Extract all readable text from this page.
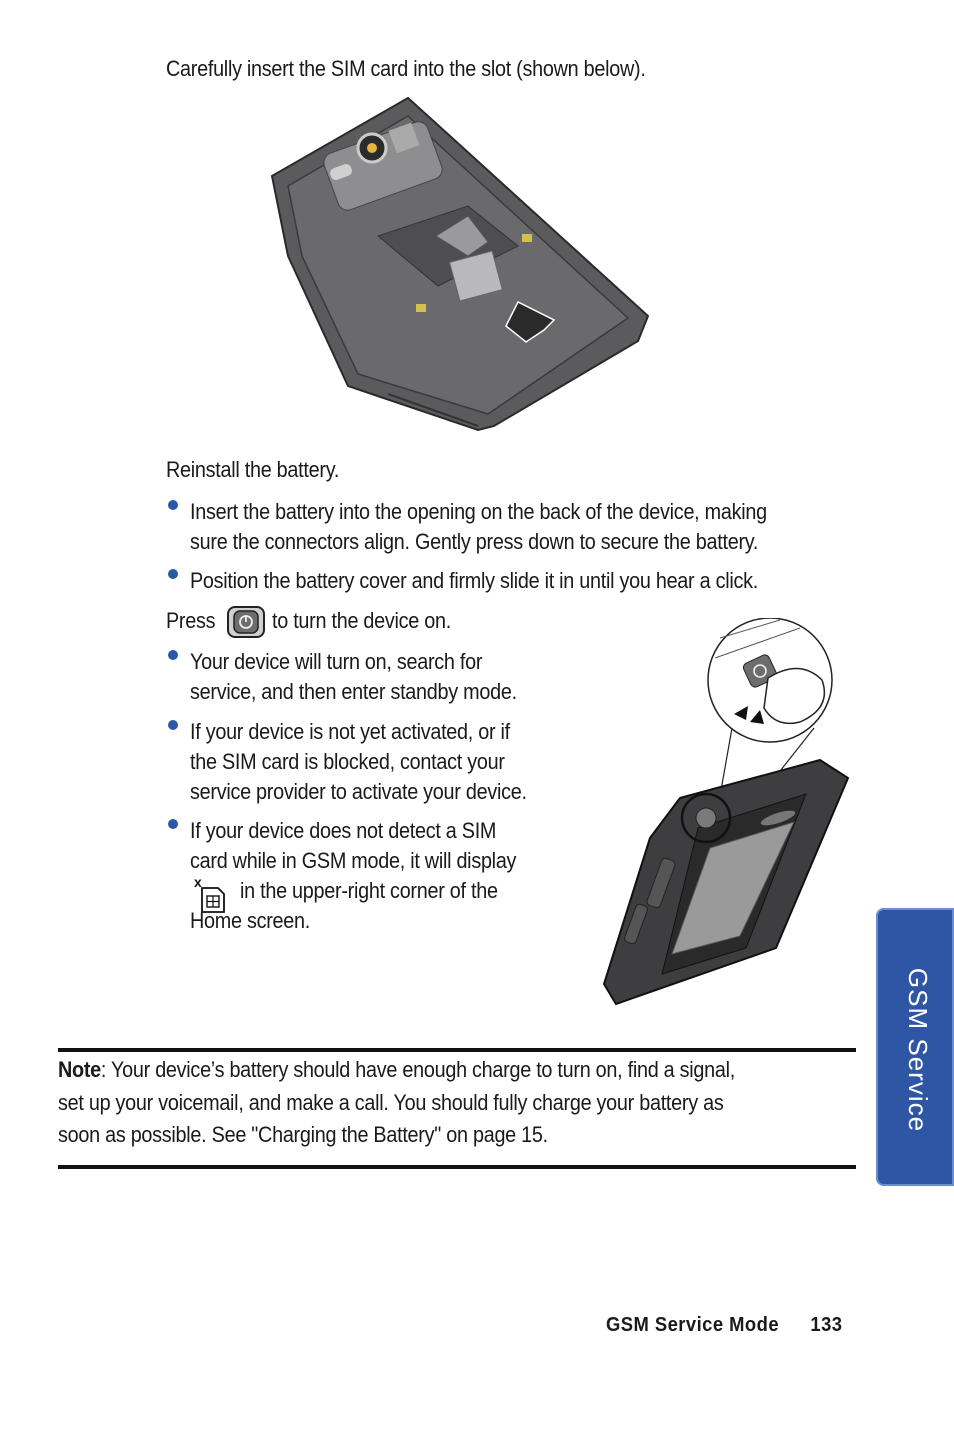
Carefully insert the SIM card into the slot (shown below).
Reinstall the battery.
Insert the battery into the opening on the back of the device, making
sure the connectors align. Gently press down to secure the battery.
Position the battery cover and firmly slide it in until you hear a click.
Press	to turn the device on.
Your device will turn on, search for
service, and then enter standby mode.
If your device is not yet activated, or if
the SIM card is blocked, contact your
service provider to activate your device.
If your device does not detect a SIM
card while in GSM mode, it will display
x in the upper-right corner of the
Home screen.
Note: Your device’s battery should have enough charge to turn on, find a signal,
set up your voicemail, and make a call. You should fully charge your battery as
soon as possible. See "Charging the Battery" on page 15.
GSM Service
GSM Service Mode 133
